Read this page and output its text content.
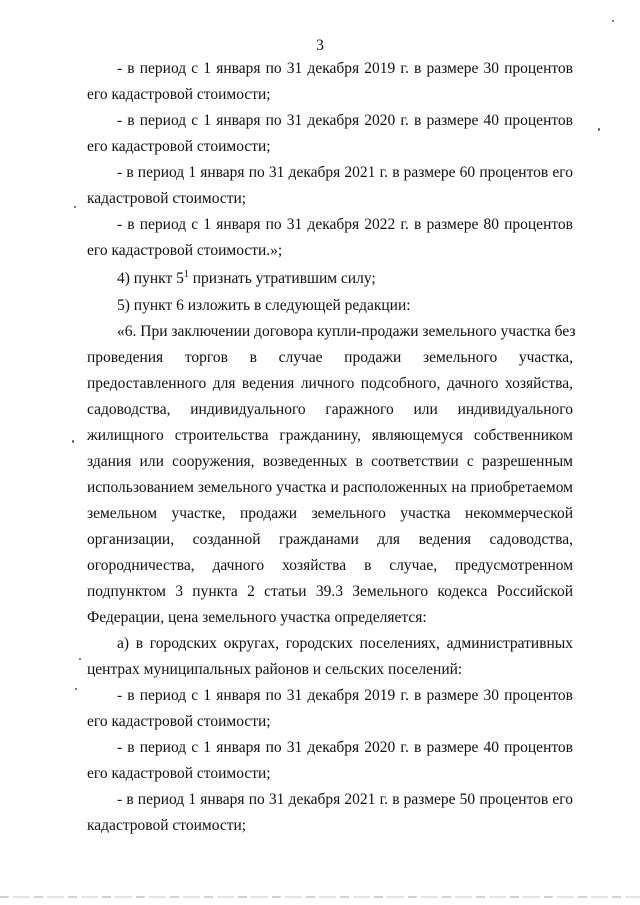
3
- в период с 1 января по 31 декабря 2019 г. в размере 30 процентов
его кадастровой стоимости;
- в период с 1 января по 31 декабря 2020 г. в размере 40 процентов
его кадастровой стоимости;
- в период 1 января по 31 декабря 2021 г. в размере 60 процентов его
кадастровой стоимости;
- в период с 1 января по 31 декабря 2022 г. в размере 80 процентов
его кадастровой стоимости.»;
4) пункт $5^1$ признать утратившим силу;
5) пункт 6 изложить в следующей редакции:
«6. При заключении договора купли-продажи земельного участка без
проведения торгов в случае продажи земельного участка,
предоставленного для ведения личного подсобного, дачного хозяйства,
садоводства, индивидуального гаражного или индивидуального
жилищного строительства гражданину, являющемуся собственником
здания или сооружения, возведенных в соответствии с разрешенным
использованием земельного участка и расположенных на приобретаемом
земельном участке, продажи земельного участка некоммерческой
организации, созданной гражданами для ведения садоводства,
огородничества, дачного хозяйства в случае, предусмотренном
подпунктом 3 пункта 2 статьи 39.3 Земельного кодекса Российской
Федерации, цена земельного участка определяется:
а) в городских округах, городских поселениях, административных
центрах муниципальных районов и сельских поселений:
- в период с 1 января по 31 декабря 2019 г. в размере 30 процентов
его кадастровой стоимости;
- в период с 1 января по 31 декабря 2020 г. в размере 40 процентов
его кадастровой стоимости;
- в период 1 января по 31 декабря 2021 г. в размере 50 процентов его
кадастровой стоимости;
